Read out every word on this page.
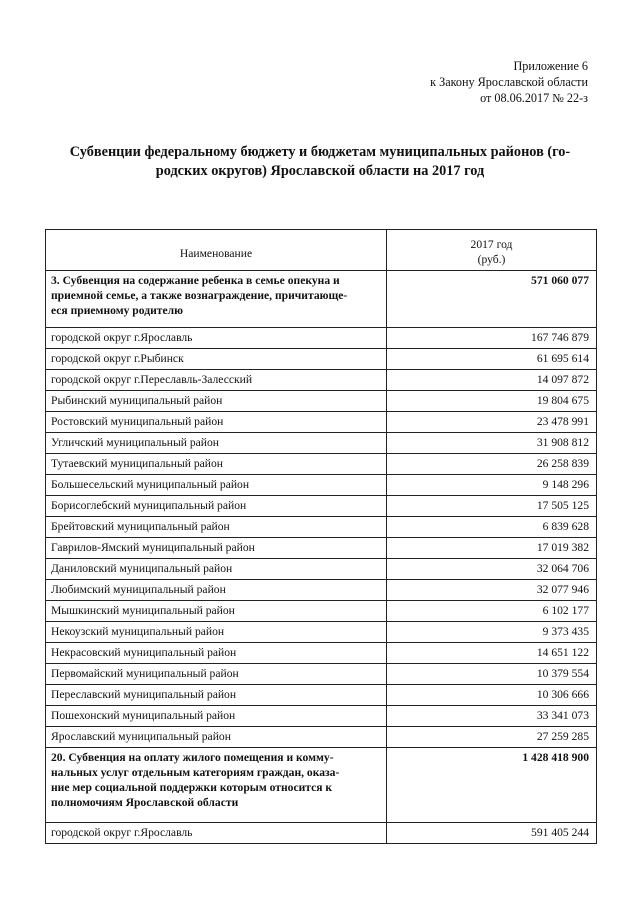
Приложение 6
к Закону Ярославской области
от 08.06.2017 № 22-з
Субвенции федеральному бюджету и бюджетам муниципальных районов (го-
родских округов) Ярославской области на 2017 год
Наименование	2017 год
(руб.)

3. Субвенция на содержание ребенка в семье опекуна и
приемной семье, а также вознаграждение, причитающе-
еся приемному родителю	571 060 077
городской округ г.Ярославль	167 746 879
городской округ г.Рыбинск	61 695 614
городской округ г.Переславль-Залесский	14 097 872
Рыбинский муниципальный район	19 804 675
Ростовский муниципальный район	23 478 991
Угличский муниципальный район	31 908 812
Тутаевский муниципальный район	26 258 839
Большесельский муниципальный район	9 148 296
Борисоглебский муниципальный район	17 505 125
Брейтовский муниципальный район	6 839 628
Гаврилов-Ямский муниципальный район	17 019 382
Даниловский муниципальный район	32 064 706
Любимский муниципальный район	32 077 946
Мышкинский муниципальный район	6 102 177
Некоузский муниципальный район	9 373 435
Некрасовский муниципальный район	14 651 122
Первомайский муниципальный район	10 379 554
Переславский муниципальный район	10 306 666
Пошехонский муниципальный район	33 341 073
Ярославский муниципальный район	27 259 285

20. Субвенция на оплату жилого помещения и комму-
нальных услуг отдельным категориям граждан, оказа-
ние мер социальной поддержки которым относится к
полномочиям Ярославской области	1 428 418 900
городской округ г.Ярославль	591 405 244
